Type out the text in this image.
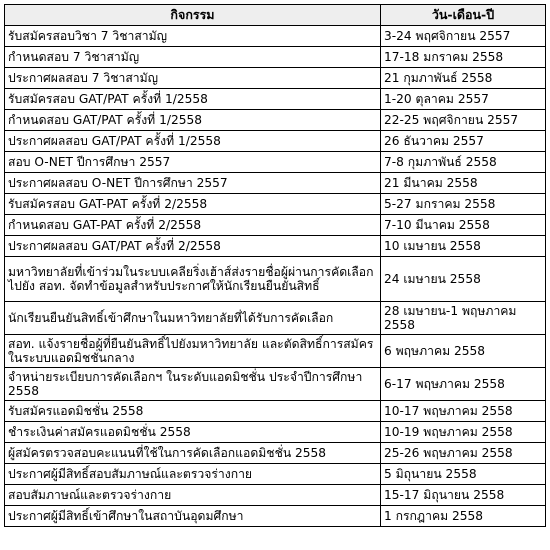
กิจกรรม	วัน-เดือน-ปี
รับสมัครสอบวิชา 7 วิชาสามัญ	3-24 พฤศจิกายน 2557
กำหนดสอบ 7 วิชาสามัญ	17-18 มกราคม 2558
ประกาศผลสอบ 7 วิชาสามัญ	21 กุมภาพันธ์ 2558
รับสมัครสอบ GAT/PAT ครั้งที่ 1/2558	1-20 ตุลาคม 2557
กำหนดสอบ GAT/PAT ครั้งที่ 1/2558	22-25 พฤศจิกายน 2557
ประกาศผลสอบ GAT/PAT ครั้งที่ 1/2558	26 ธันวาคม 2557
สอบ O-NET ปีการศึกษา 2557	7-8 กุมภาพันธ์ 2558
ประกาศผลสอบ O-NET ปีการศึกษา 2557	21 มีนาคม 2558
รับสมัครสอบ GAT-PAT ครั้งที่ 2/2558	5-27 มกราคม 2558
กำหนดสอบ GAT-PAT ครั้งที่ 2/2558	7-10 มีนาคม 2558
ประกาศผลสอบ GAT/PAT ครั้งที่ 2/2558	10 เมษายน 2558
มหาวิทยาลัยที่เข้าร่วมในระบบเคลียริ่งเฮ้าส์ส่งรายชื่อผู้ผ่านการคัดเลือกไปยัง สอท. จัดทำข้อมูลสำหรับประกาศให้นักเรียนยืนยันสิทธิ์	24 เมษายน 2558
นักเรียนยืนยันสิทธิ์เข้าศึกษาในมหาวิทยาลัยที่ได้รับการคัดเลือก	28 เมษายน-1 พฤษภาคม 2558
สอท. แจ้งรายชื่อผู้ที่ยืนยันสิทธิ์ไปยังมหาวิทยาลัย และตัดสิทธิ์การสมัครในระบบแอดมิชชั่นกลาง	6 พฤษภาคม 2558
จำหน่ายระเบียบการคัดเลือกฯ ในระดับแอดมิชชั่น ประจำปีการศึกษา 2558	6-17 พฤษภาคม 2558
รับสมัครแอดมิชชั่น 2558	10-17 พฤษภาคม 2558
ชำระเงินค่าสมัครแอดมิชชั่น 2558	10-19 พฤษภาคม 2558
ผู้สมัครตรวจสอบคะแนนที่ใช้ในการคัดเลือกแอดมิชชั่น 2558	25-26 พฤษภาคม 2558
ประกาศผู้มีสิทธิ์สอบสัมภาษณ์และตรวจร่างกาย	5 มิถุนายน 2558
สอบสัมภาษณ์และตรวจร่างกาย	15-17 มิถุนายน 2558
ประกาศผู้มีสิทธิ์เข้าศึกษาในสถาบันอุดมศึกษา	1 กรกฎาคม 2558
